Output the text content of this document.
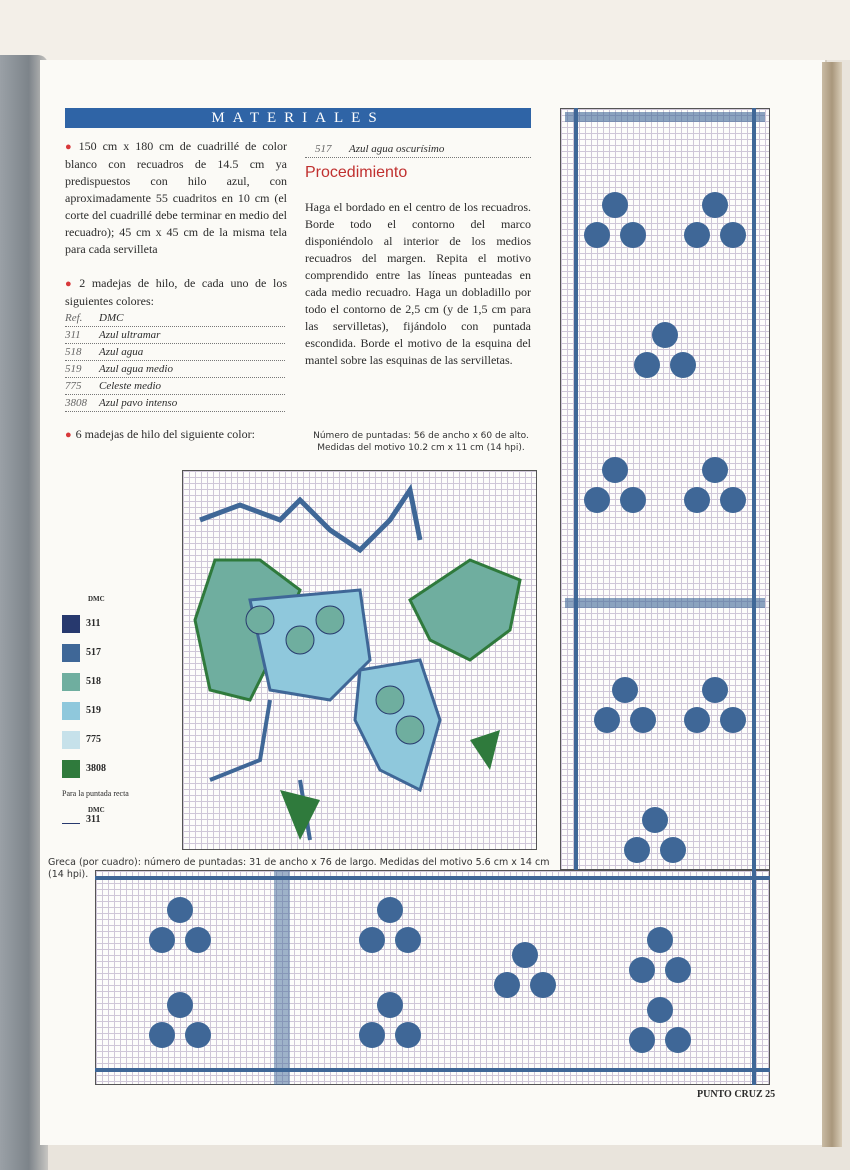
MATERIALES

● 150 cm x 180 cm de cuadrillé de color blanco con recuadros de 14.5 cm ya predispuestos con hilo azul, con aproximadamente 55 cuadritos en 10 cm (el corte del cuadrillé debe terminar en medio del recuadro); 45 cm x 45 cm de la misma tela para cada servilleta

● 2 madejas de hilo, de cada uno de los siguientes colores:

Ref.	DMC
311	Azul ultramar
518	Azul agua
519	Azul agua medio
775	Celeste medio
3808	Azul pavo intenso

● 6 madejas de hilo del siguiente color:

517	Azul agua oscurísimo
Procedimiento

Haga el bordado en el centro de los recuadros. Borde todo el contorno del marco disponiéndolo al interior de los medios recuadros del margen. Repita el motivo comprendido entre las líneas punteadas en cada medio recuadro. Haga un dobladillo por todo el contorno de 2,5 cm (y de 1,5 cm para las servilletas), fijándolo con puntada escondida. Borde el motivo de la esquina del mantel sobre las esquinas de las servilletas.

Número de puntadas: 56 de ancho x 60 de alto.
Medidas del motivo 10.2 cm x 11 cm (14 hpi).
DMC
311
517
518
519
775
3808
Para la puntada recta
DMC
311
Greca (por cuadro): número de puntadas: 31 de ancho x 76 de largo. Medidas del motivo 5.6 cm x 14 cm (14 hpi).
PUNTO CRUZ 25
